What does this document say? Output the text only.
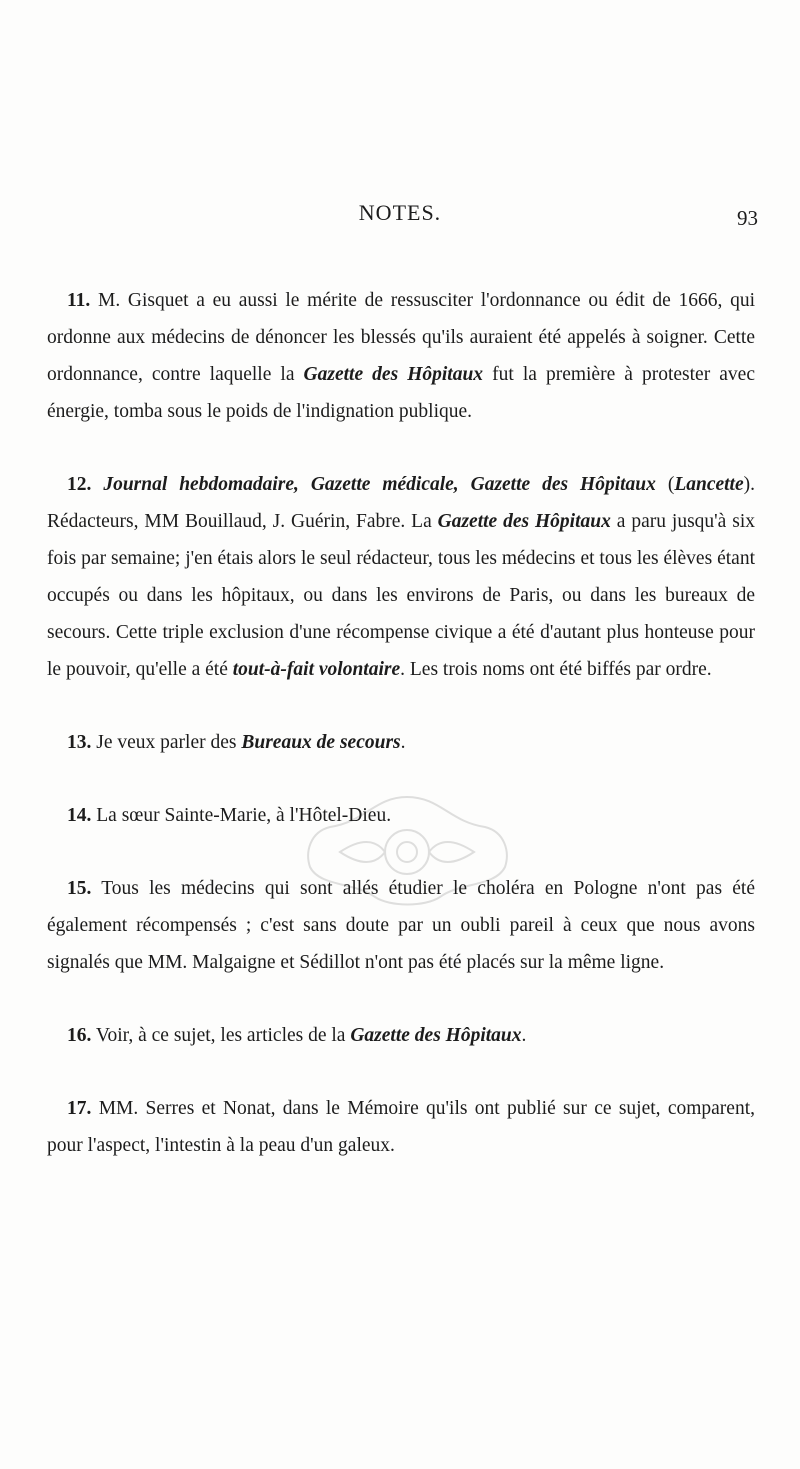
NOTES.	93

11. M. Gisquet a eu aussi le mérite de ressusciter l'ordonnance ou édit de 1666, qui ordonne aux médecins de dénoncer les blessés qu'ils auraient été appelés à soigner. Cette ordonnance, contre laquelle la Gazette des Hôpitaux fut la première à protester avec énergie, tomba sous le poids de l'indignation publique.

12. Journal hebdomadaire, Gazette médicale, Gazette des Hôpitaux (Lancette). Rédacteurs, MM Bouillaud, J. Guérin, Fabre. La Gazette des Hôpitaux a paru jusqu'à six fois par semaine; j'en étais alors le seul rédacteur, tous les médecins et tous les élèves étant occupés ou dans les hôpitaux, ou dans les environs de Paris, ou dans les bureaux de secours. Cette triple exclusion d'une récompense civique a été d'autant plus honteuse pour le pouvoir, qu'elle a été tout-à-fait volontaire. Les trois noms ont été biffés par ordre.

13. Je veux parler des Bureaux de secours.

14. La sœur Sainte-Marie, à l'Hôtel-Dieu.

15. Tous les médecins qui sont allés étudier le choléra en Pologne n'ont pas été également récompensés ; c'est sans doute par un oubli pareil à ceux que nous avons signalés que MM. Malgaigne et Sédillot n'ont pas été placés sur la même ligne.

16. Voir, à ce sujet, les articles de la Gazette des Hôpitaux.

17. MM. Serres et Nonat, dans le Mémoire qu'ils ont publié sur ce sujet, comparent, pour l'aspect, l'intestin à la peau d'un galeux.
